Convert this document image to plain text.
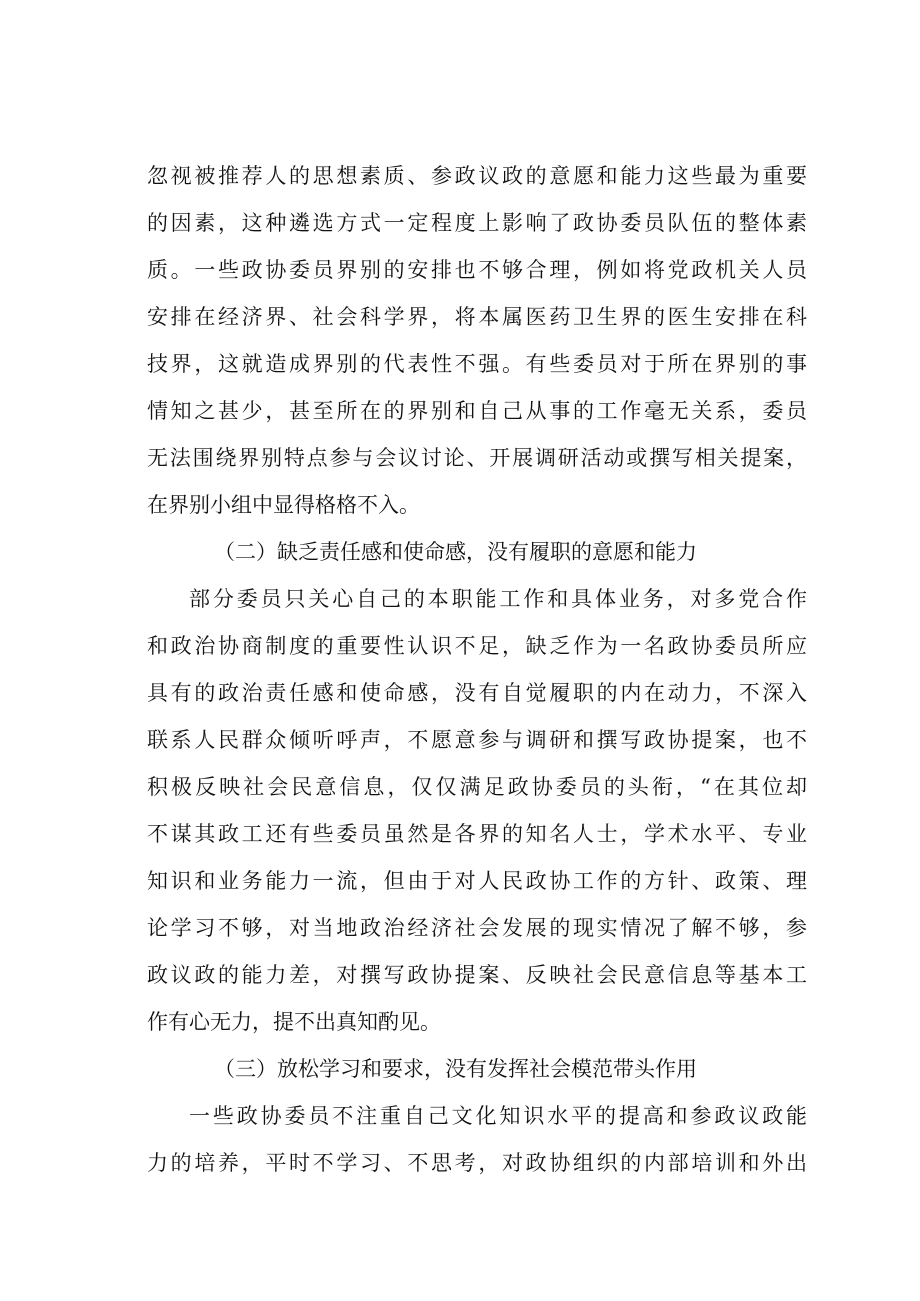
忽视被推荐人的思想素质、参政议政的意愿和能力这些最为重要
的因素，这种遴选方式一定程度上影响了政协委员队伍的整体素
质。一些政协委员界别的安排也不够合理，例如将党政机关人员
安排在经济界、社会科学界，将本属医药卫生界的医生安排在科
技界，这就造成界别的代表性不强。有些委员对于所在界别的事
情知之甚少，甚至所在的界别和自己从事的工作毫无关系，委员
无法围绕界别特点参与会议讨论、开展调研活动或撰写相关提案，
在界别小组中显得格格不入。
（二）缺乏责任感和使命感，没有履职的意愿和能力
部分委员只关心自己的本职能工作和具体业务，对多党合作
和政治协商制度的重要性认识不足，缺乏作为一名政协委员所应
具有的政治责任感和使命感，没有自觉履职的内在动力，不深入
联系人民群众倾听呼声，不愿意参与调研和撰写政协提案，也不
积极反映社会民意信息，仅仅满足政协委员的头衔，“在其位却
不谋其政工还有些委员虽然是各界的知名人士，学术水平、专业
知识和业务能力一流，但由于对人民政协工作的方针、政策、理
论学习不够，对当地政治经济社会发展的现实情况了解不够，参
政议政的能力差，对撰写政协提案、反映社会民意信息等基本工
作有心无力，提不出真知酌见。
（三）放松学习和要求，没有发挥社会模范带头作用
一些政协委员不注重自己文化知识水平的提高和参政议政能
力的培养，平时不学习、不思考，对政协组织的内部培训和外出
